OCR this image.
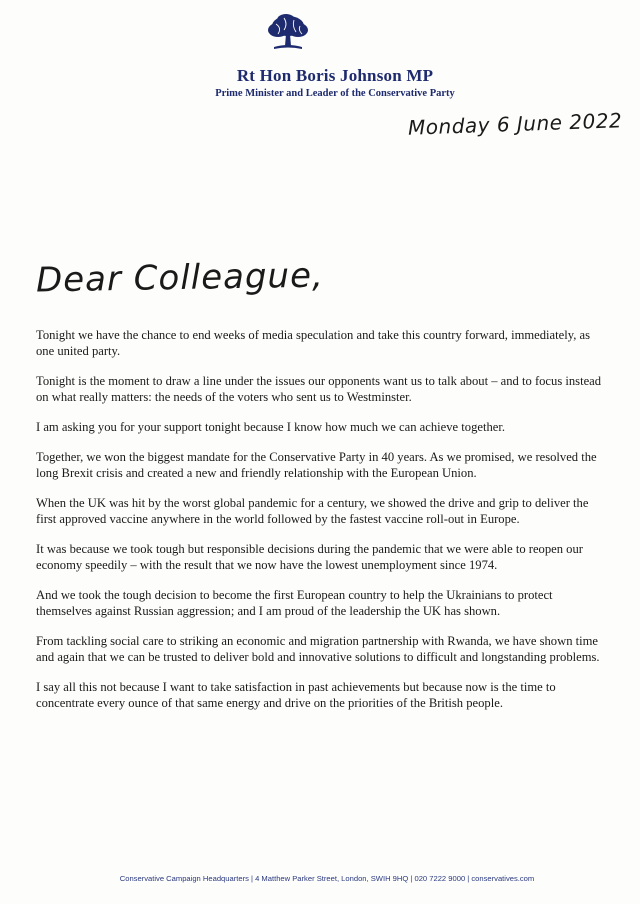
Rt Hon Boris Johnson MP
Prime Minister and Leader of the Conservative Party
Monday 6 June 2022
Dear Colleague,

Tonight we have the chance to end weeks of media speculation and take this country forward, immediately, as one united party.

Tonight is the moment to draw a line under the issues our opponents want us to talk about – and to focus instead on what really matters: the needs of the voters who sent us to Westminster.

I am asking you for your support tonight because I know how much we can achieve together.

Together, we won the biggest mandate for the Conservative Party in 40 years. As we promised, we resolved the long Brexit crisis and created a new and friendly relationship with the European Union.

When the UK was hit by the worst global pandemic for a century, we showed the drive and grip to deliver the first approved vaccine anywhere in the world followed by the fastest vaccine roll-out in Europe.

It was because we took tough but responsible decisions during the pandemic that we were able to reopen our economy speedily – with the result that we now have the lowest unemployment since 1974.

And we took the tough decision to become the first European country to help the Ukrainians to protect themselves against Russian aggression; and I am proud of the leadership the UK has shown.

From tackling social care to striking an economic and migration partnership with Rwanda, we have shown time and again that we can be trusted to deliver bold and innovative solutions to difficult and longstanding problems.

I say all this not because I want to take satisfaction in past achievements but because now is the time to concentrate every ounce of that same energy and drive on the priorities of the British people.

Conservative Campaign Headquarters | 4 Matthew Parker Street, London, SWIH 9HQ | 020 7222 9000 | conservatives.com
